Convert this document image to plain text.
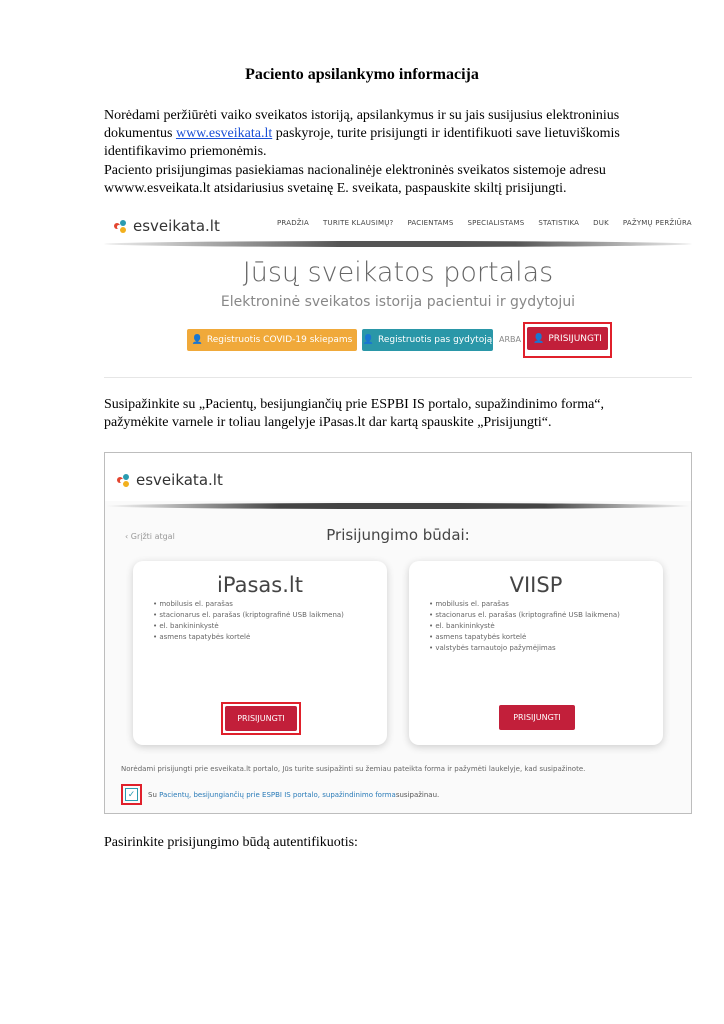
Paciento apsilankymo informacija
Norėdami peržiūrėti vaiko sveikatos istoriją, apsilankymus ir su jais susijusius elektroninius dokumentus www.esveikata.lt paskyroje, turite prisijungti ir identifikuoti save lietuviškomis identifikavimo priemonėmis.
Paciento prisijungimas pasiekiamas nacionalinėje elektroninės sveikatos sistemoje adresu wwww.esveikata.lt atsidariusius svetainę E. sveikata, paspauskite skiltį prisijungti.
esveikata.lt	PRADŽIA TURITE KLAUSIMŲ? PACIENTAMS SPECIALISTAMS STATISTIKA DUK PAŽYMŲ PERŽIŪRA
Jūsų sveikatos portalas
Elektroninė sveikatos istorija pacientui ir gydytojui
👤 Registruotis COVID-19 skiepams 👤 Registruotis pas gydytoją ARBA 👤 PRISIJUNGTI
Susipažinkite su „Pacientų, besijungiančių prie ESPBI IS portalo, supažindinimo forma“, pažymėkite varnele ir toliau langelyje iPasas.lt dar kartą spauskite „Prisijungti“.
esveikata.lt
‹ Grįžti atgal	Prisijungimo būdai:
iPasas.lt
• mobilusis el. parašas
• stacionarus el. parašas (kriptografinė USB laikmena)
• el. bankininkystė
• asmens tapatybės kortelė
PRISIJUNGTI
VIISP
• mobilusis el. parašas
• stacionarus el. parašas (kriptografinė USB laikmena)
• el. bankininkystė
• asmens tapatybės kortelė
• valstybės tarnautojo pažymėjimas
PRISIJUNGTI
Norėdami prisijungti prie esveikata.lt portalo, Jūs turite susipažinti su žemiau pateikta forma ir pažymėti laukelyje, kad susipažinote.
✓ Su
Pacientų, besijungiančių prie ESPBI IS portalo, supažindinimo forma susipažinau.
Pasirinkite prisijungimo būdą autentifikuotis:
